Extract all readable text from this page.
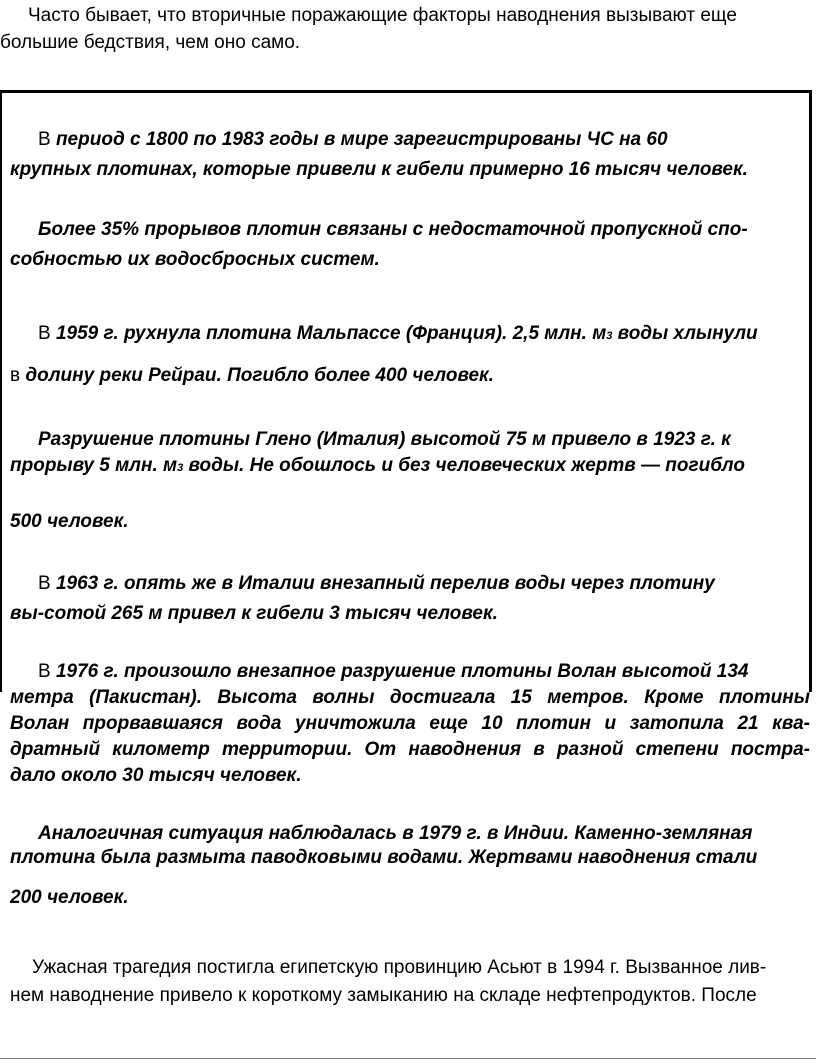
Часто бывает, что вторичные поражающие факторы наводнения вызывают еще
большие бедствия, чем оно само.

В период с 1800 по 1983 годы в мире зарегистрированы ЧС на 60

крупных плотинах, которые привели к гибели примерно 16 тысяч человек.

Более 35% прорывов плотин связаны с недостаточной пропускной спо-

собностью их водосбросных систем.

В 1959 г. рухнула плотина Мальпассе (Франция). 2,5 млн. м3 воды хлынули

в долину реки Рейраи. Погибло более 400 человек.

Разрушение плотины Глено (Италия) высотой 75 м привело в 1923 г. к

прорыву 5 млн. м3 воды. Не обошлось и без человеческих жертв — погибло

500 человек.

В 1963 г. опять же в Италии внезапный перелив воды через плотину

вы-сотой 265 м привел к гибели 3 тысяч человек.

В 1976 г. произошло внезапное разрушение плотины Волан высотой 134

метра (Пакистан). Высота волны достигала 15 метров. Кроме плотины

Волан прорвавшаяся вода уничтожила еще 10 плотин и затопила 21 ква-

дратный километр территории. От наводнения в разной степени постра-

дало около 30 тысяч человек.

Аналогичная ситуация наблюдалась в 1979 г. в Индии. Каменно-земляная

плотина была размыта паводковыми водами. Жертвами наводнения стали

200 человек.

Ужасная трагедия постигла египетскую провинцию Асьют в 1994 г. Вызванное лив-

нем наводнение привело к короткому замыканию на складе нефтепродуктов. После
